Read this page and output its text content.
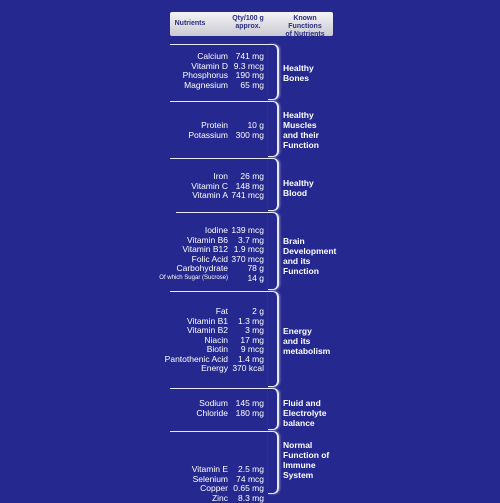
Nutrients
Qty/100 g
approx.
Known Functions
of Nutrients
Calcium 741 mg
Vitamin D 9.3 mcg
Phosphorus 190 mg
Magnesium	65 mg
Healthy
Bones
Protein	10 g
Potassium 300 mg
Healthy
Muscles
and their
Function
Iron	26 mg
Vitamin C 148 mg
Vitamin A 741 mcg
Healthy
Blood
Iodine 139 mcg
Vitamin B6	3.7 mg
Vitamin B12 1.9 mcg
Folic Acid 370 mcg
Carbohydrate	78 g
Of which Sugar (Sucrose)	14 g
Brain
Development
and its
Function
Fat	2 g
Vitamin B1	1.3 mg
Vitamin B2	3 mg
Niacin	17 mg
Biotin	9 mcg
Pantothenic Acid	1.4 mg
Energy 370 kcal
Energy
and its
metabolism
Sodium 145 mg
Chloride 180 mg
Fluid and
Electrolyte
balance
Vitamin E	2.5 mg
Selenium 74 mcg
Copper 0.65 mg
Zinc	8.3 mg
Normal
Function of
Immune
System
